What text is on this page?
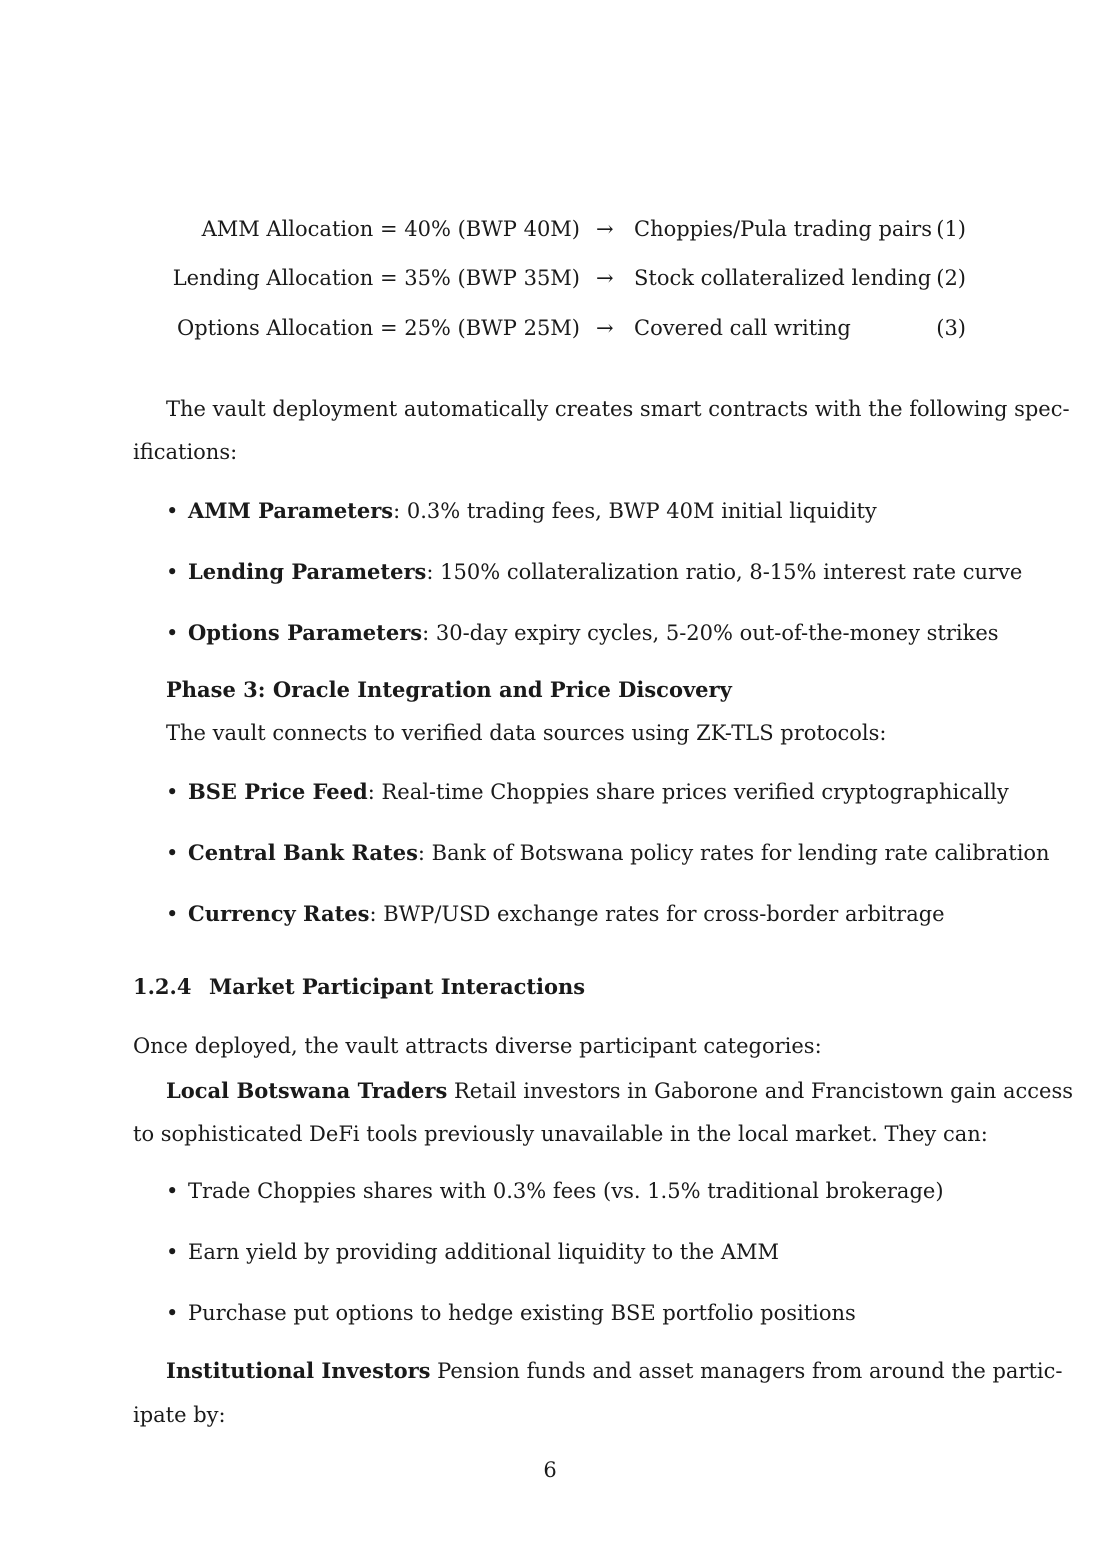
AMM Allocation = 40% (BWP 40M) → Choppies/Pula trading pairs (1)
Lending Allocation = 35% (BWP 35M) → Stock collateralized lending (2)
Options Allocation = 25% (BWP 25M) → Covered call writing	(3)
The vault deployment automatically creates smart contracts with the following spec-
ifications:
• AMM Parameters: 0.3% trading fees, BWP 40M initial liquidity
• Lending Parameters: 150% collateralization ratio, 8-15% interest rate curve
• Options Parameters: 30-day expiry cycles, 5-20% out-of-the-money strikes
Phase 3: Oracle Integration and Price Discovery
The vault connects to verified data sources using ZK-TLS protocols:
• BSE Price Feed: Real-time Choppies share prices verified cryptographically
• Central Bank Rates: Bank of Botswana policy rates for lending rate calibration
• Currency Rates: BWP/USD exchange rates for cross-border arbitrage
1.2.4 Market Participant Interactions
Once deployed, the vault attracts diverse participant categories:
Local Botswana Traders Retail investors in Gaborone and Francistown gain access
to sophisticated DeFi tools previously unavailable in the local market. They can:
• Trade Choppies shares with 0.3% fees (vs. 1.5% traditional brokerage)
• Earn yield by providing additional liquidity to the AMM
• Purchase put options to hedge existing BSE portfolio positions
Institutional Investors Pension funds and asset managers from around the partic-
ipate by:
6
